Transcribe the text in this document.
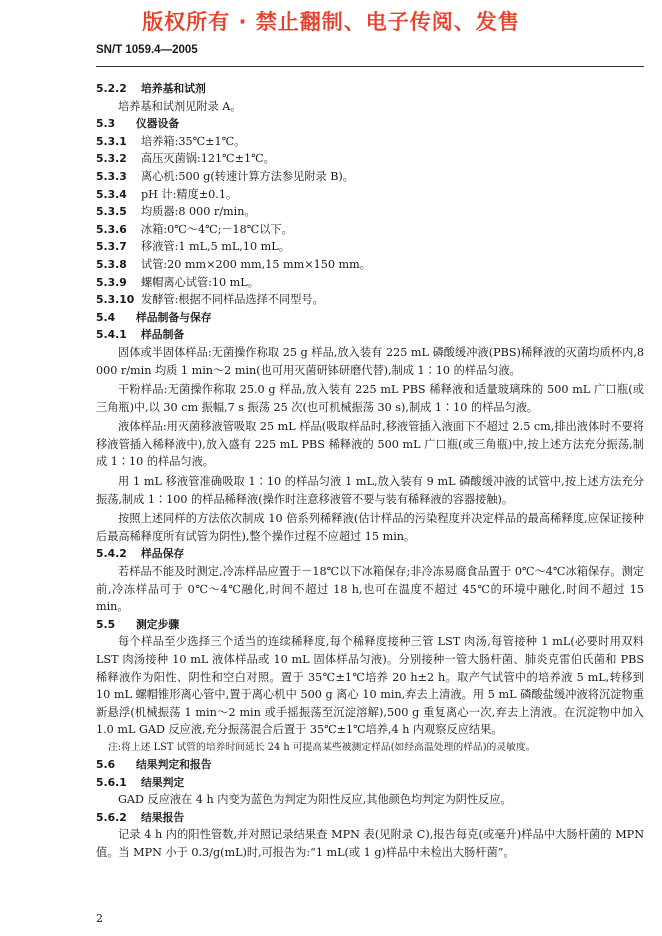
版权所有 · 禁止翻制、电子传阅、发售
SN/T 1059.4—2005
5.2.2 培养基和试剂
培养基和试剂见附录 A。
5.3 仪器设备
5.3.1 培养箱:35℃±1℃。
5.3.2 高压灭菌锅:121℃±1℃。
5.3.3 离心机:500 g(转速计算方法参见附录 B)。
5.3.4 pH 计:精度±0.1。
5.3.5 均质器:8 000 r/min。
5.3.6 冰箱:0℃～4℃;－18℃以下。
5.3.7 移液管:1 mL,5 mL,10 mL。
5.3.8 试管:20 mm×200 mm,15 mm×150 mm。
5.3.9 螺帽离心试管:10 mL。
5.3.10 发酵管:根据不同样品选择不同型号。
5.4 样品制备与保存
5.4.1 样品制备
固体或半固体样品:无菌操作称取 25 g 样品,放入装有 225 mL 磷酸缓冲液(PBS)稀释液的灭菌均质杯内,8 000 r/min 均质 1 min～2 min(也可用灭菌研钵研磨代替),制成 1∶10 的样品匀液。
干粉样品:无菌操作称取 25.0 g 样品,放入装有 225 mL PBS 稀释液和适量玻璃珠的 500 mL 广口瓶(或三角瓶)中,以 30 cm 振幅,7 s 振荡 25 次(也可机械振荡 30 s),制成 1∶10 的样品匀液。
液体样品:用灭菌移液管吸取 25 mL 样品(吸取样品时,移液管插入液面下不超过 2.5 cm,排出液体时不要将移液管插入稀释液中),放入盛有 225 mL PBS 稀释液的 500 mL 广口瓶(或三角瓶)中,按上述方法充分振荡,制成 1∶10 的样品匀液。
用 1 mL 移液管准确吸取 1∶10 的样品匀液 1 mL,放入装有 9 mL 磷酸缓冲液的试管中,按上述方法充分振荡,制成 1∶100 的样品稀释液(操作时注意移液管不要与装有稀释液的容器接触)。
按照上述同样的方法依次制成 10 倍系列稀释液(估计样品的污染程度并决定样品的最高稀释度,应保证接种后最高稀释度所有试管为阴性),整个操作过程不应超过 15 min。
5.4.2 样品保存
若样品不能及时测定,冷冻样品应置于－18℃以下冰箱保存;非冷冻易腐食品置于 0℃～4℃冰箱保存。测定前,冷冻样品可于 0℃～4℃融化,时间不超过 18 h,也可在温度不超过 45℃的环境中融化,时间不超过 15 min。
5.5 测定步骤
每个样品至少选择三个适当的连续稀释度,每个稀释度接种三管 LST 肉汤,每管接种 1 mL(必要时用双料 LST 肉汤接种 10 mL 液体样品或 10 mL 固体样品匀液)。分别接种一管大肠杆菌、肺炎克雷伯氏菌和 PBS 稀释液作为阳性、阴性和空白对照。置于 35℃±1℃培养 20 h±2 h。取产气试管中的培养液 5 mL,转移到 10 mL 螺帽锥形离心管中,置于离心机中 500 g 离心 10 min,弃去上清液。用 5 mL 磷酸盐缓冲液将沉淀物重新悬浮(机械振荡 1 min～2 min 或手摇振荡至沉淀溶解),500 g 重复离心一次,弃去上清液。在沉淀物中加入 1.0 mL GAD 反应液,充分振荡混合后置于 35℃±1℃培养,4 h 内观察反应结果。
注:将上述 LST 试管的培养时间延长 24 h 可提高某些被测定样品(如经高温处理的样品)的灵敏度。
5.6 结果判定和报告
5.6.1 结果判定
GAD 反应液在 4 h 内变为蓝色为判定为阳性反应,其他颜色均判定为阴性反应。
5.6.2 结果报告
记录 4 h 内的阳性管数,并对照记录结果查 MPN 表(见附录 C),报告每克(或毫升)样品中大肠杆菌的 MPN 值。当 MPN 小于 0.3/g(mL)时,可报告为:“1 mL(或 1 g)样品中未检出大肠杆菌”。
2
